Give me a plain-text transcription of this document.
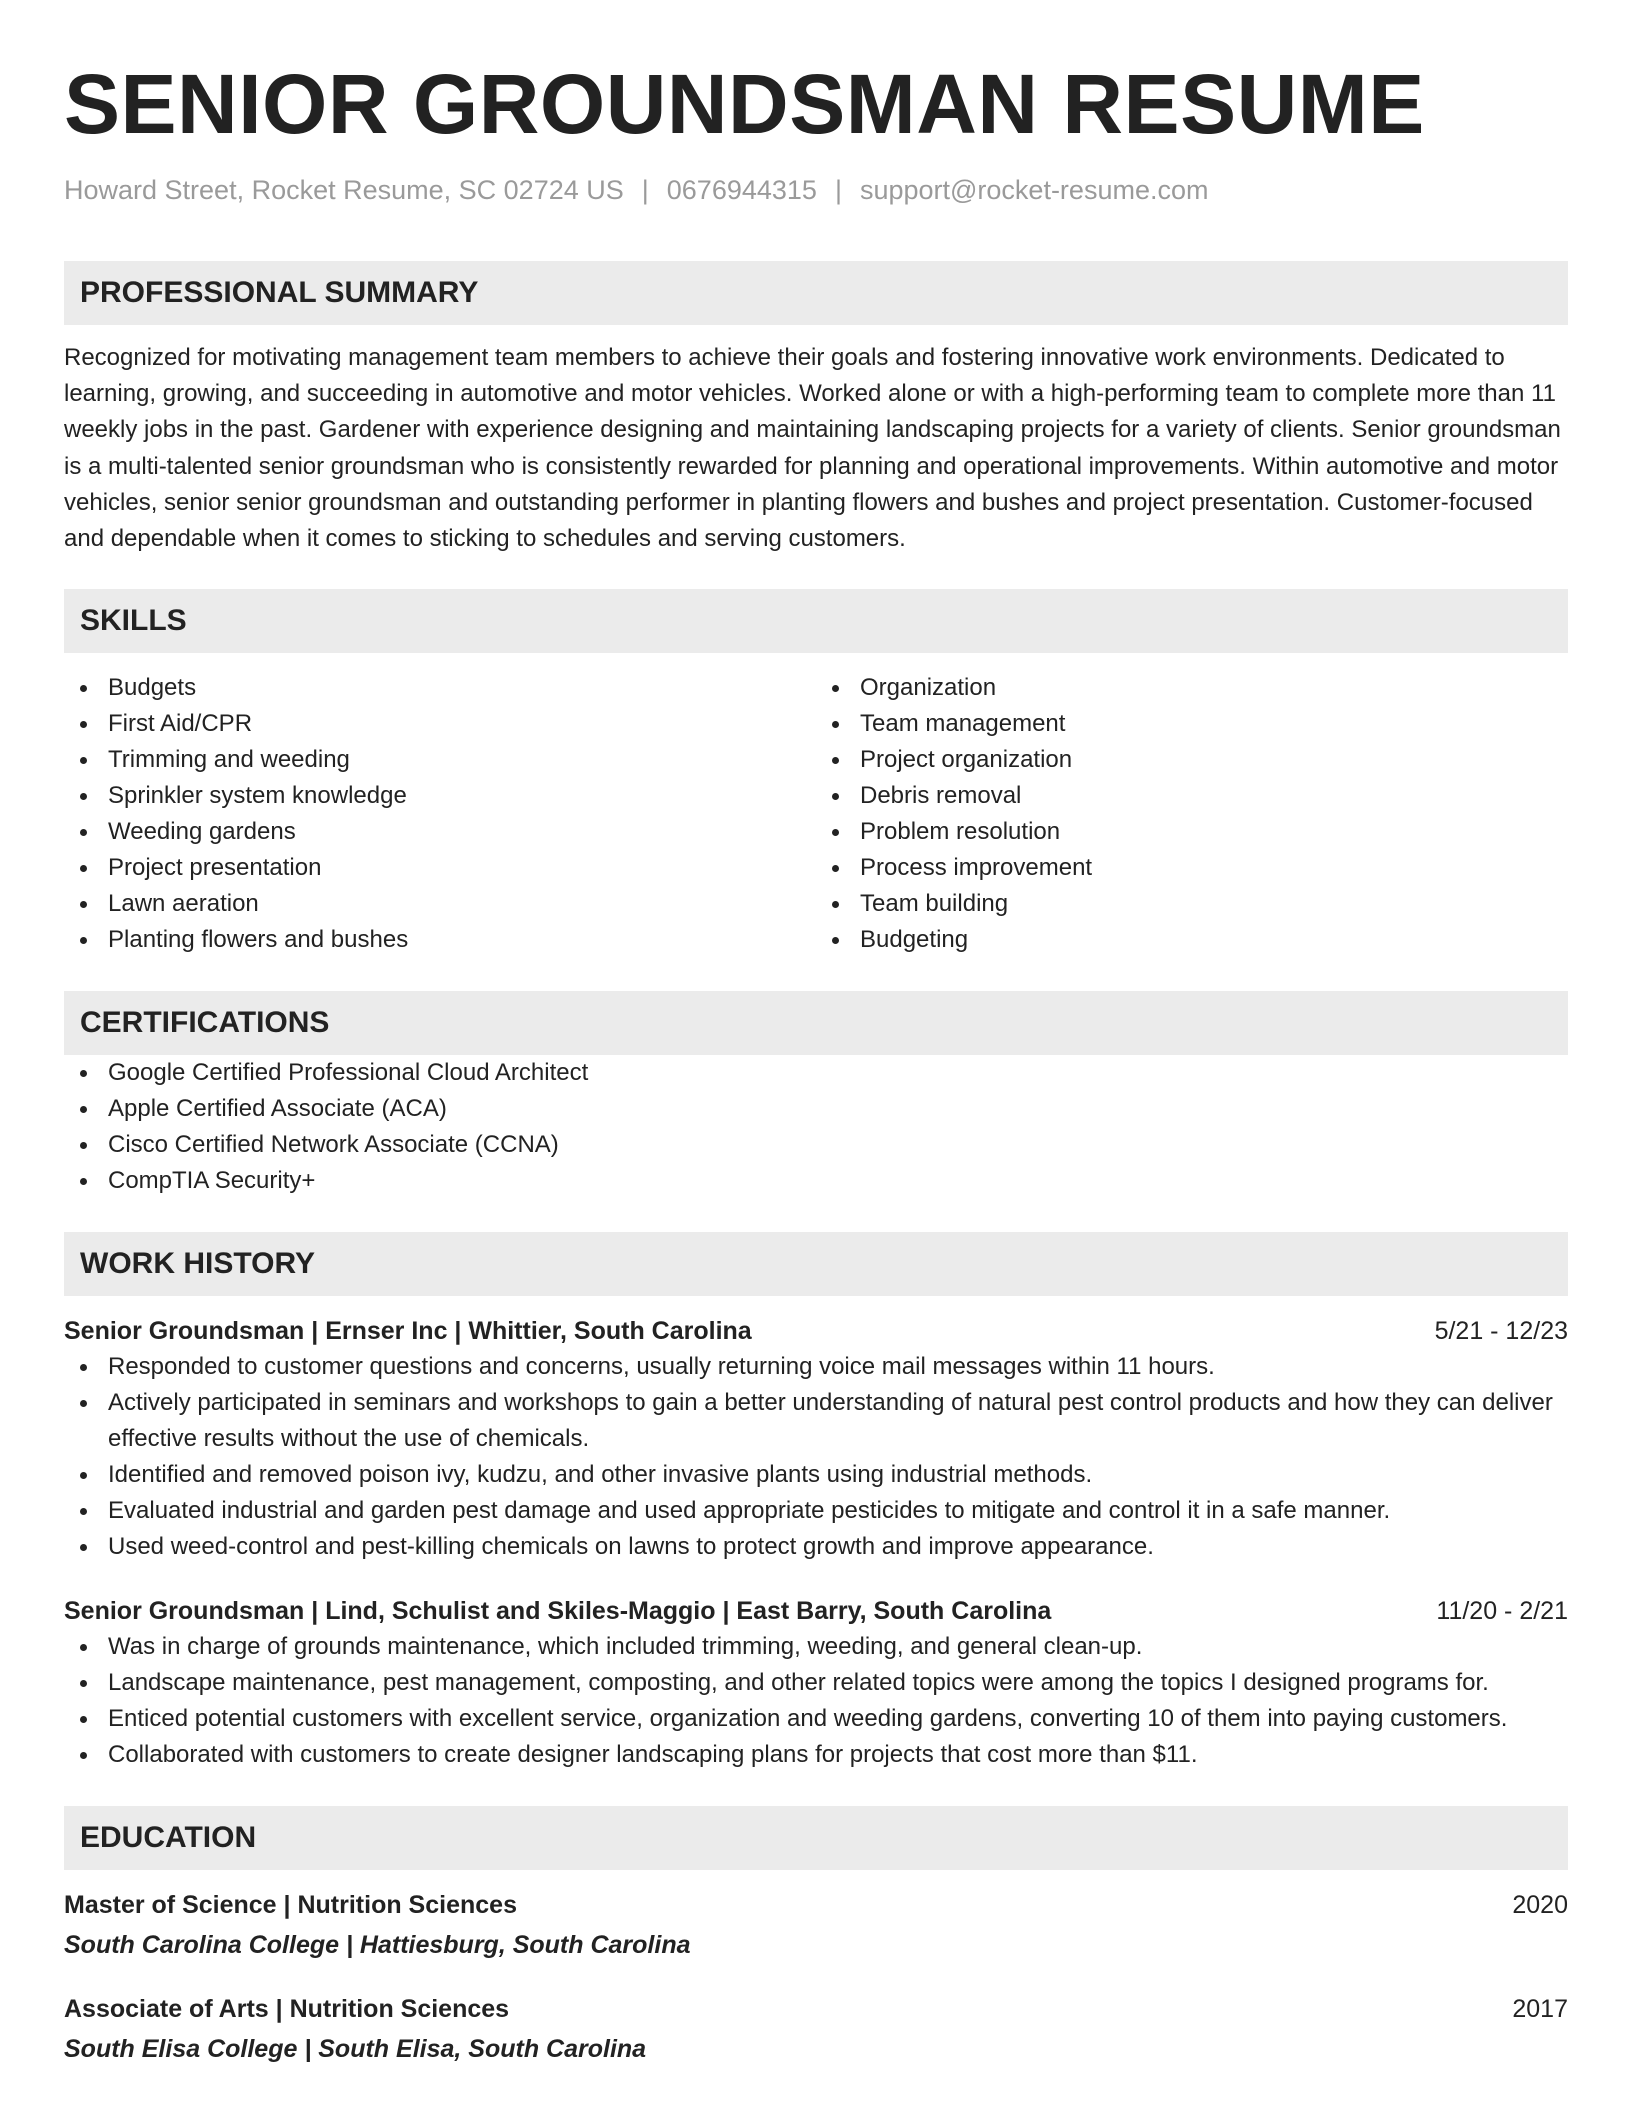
SENIOR GROUNDSMAN RESUME
Howard Street, Rocket Resume, SC 02724 US | 0676944315 | support@rocket-resume.com
PROFESSIONAL SUMMARY
Recognized for motivating management team members to achieve their goals and fostering innovative work environments. Dedicated to learning, growing, and succeeding in automotive and motor vehicles. Worked alone or with a high-performing team to complete more than 11 weekly jobs in the past. Gardener with experience designing and maintaining landscaping projects for a variety of clients. Senior groundsman is a multi-talented senior groundsman who is consistently rewarded for planning and operational improvements. Within automotive and motor vehicles, senior senior groundsman and outstanding performer in planting flowers and bushes and project presentation. Customer-focused and dependable when it comes to sticking to schedules and serving customers.
SKILLS
Budgets
First Aid/CPR
Trimming and weeding
Sprinkler system knowledge
Weeding gardens
Project presentation
Lawn aeration
Planting flowers and bushes
Organization
Team management
Project organization
Debris removal
Problem resolution
Process improvement
Team building
Budgeting
CERTIFICATIONS
Google Certified Professional Cloud Architect
Apple Certified Associate (ACA)
Cisco Certified Network Associate (CCNA)
CompTIA Security+
WORK HISTORY
Senior Groundsman | Ernser Inc | Whittier, South Carolina	5/21 - 12/23
Responded to customer questions and concerns, usually returning voice mail messages within 11 hours.
Actively participated in seminars and workshops to gain a better understanding of natural pest control products and how they can deliver effective results without the use of chemicals.
Identified and removed poison ivy, kudzu, and other invasive plants using industrial methods.
Evaluated industrial and garden pest damage and used appropriate pesticides to mitigate and control it in a safe manner.
Used weed-control and pest-killing chemicals on lawns to protect growth and improve appearance.
Senior Groundsman | Lind, Schulist and Skiles-Maggio | East Barry, South Carolina	11/20 - 2/21
Was in charge of grounds maintenance, which included trimming, weeding, and general clean-up.
Landscape maintenance, pest management, composting, and other related topics were among the topics I designed programs for.
Enticed potential customers with excellent service, organization and weeding gardens, converting 10 of them into paying customers.
Collaborated with customers to create designer landscaping plans for projects that cost more than $11.
EDUCATION
Master of Science | Nutrition Sciences	2020
South Carolina College | Hattiesburg, South Carolina
Associate of Arts | Nutrition Sciences	2017
South Elisa College | South Elisa, South Carolina
